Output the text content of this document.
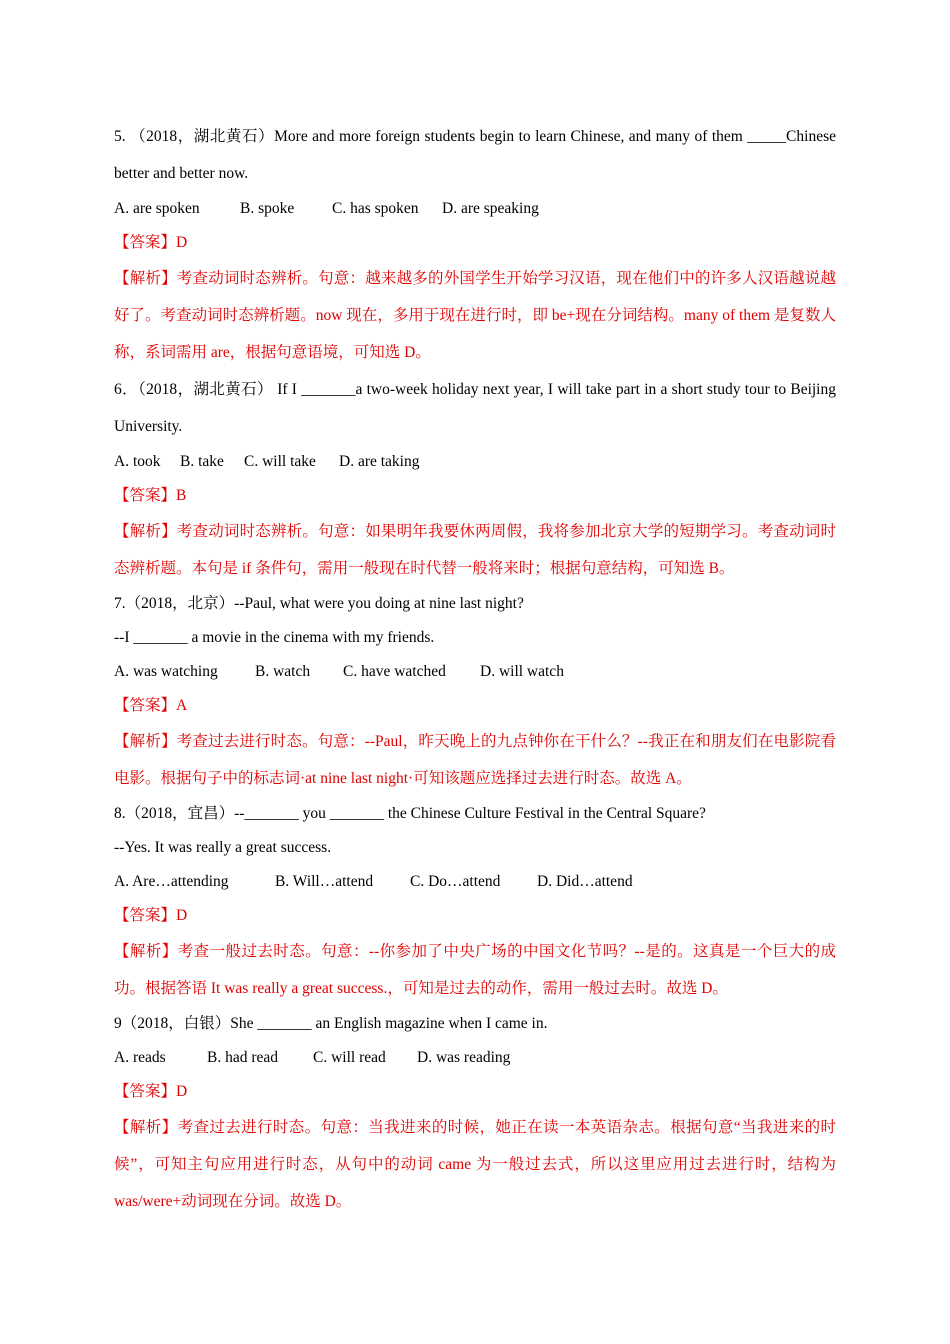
5. （2018，湖北黄石）More and more foreign students begin to learn Chinese, and many of them _____Chinese better and better now.

A. are spoken	B. spoke C. has spoken D. are speaking

【答案】D

【解析】考查动词时态辨析。句意：越来越多的外国学生开始学习汉语，现在他们中的许多人汉语越说越好了。考查动词时态辨析题。now 现在，多用于现在进行时，即 be+现在分词结构。many of them 是复数人称，系词需用 are，根据句意语境，可知选 D。

6．（2018，湖北黄石） If I _______a two-week holiday next year, I will take part in a short study tour to Beijing University.

A. took B. take C. will take D. are taking

【答案】B

【解析】考查动词时态辨析。句意：如果明年我要休两周假，我将参加北京大学的短期学习。考查动词时态辨析题。本句是 if 条件句，需用一般现在时代替一般将来时；根据句意结构，可知选 B。

7.（2018，北京）--Paul, what were you doing at nine last night?

--I _______ a movie in the cinema with my friends.

A. was watching B. watch C. have watched D. will watch

【答案】A

【解析】考查过去进行时态。句意：--Paul，昨天晚上的九点钟你在干什么？--我正在和朋友们在电影院看电影。根据句子中的标志词·at nine last night·可知该题应选择过去进行时态。故选 A。

8.（2018，宜昌）--_______ you _______ the Chinese Culture Festival in the Central Square?

--Yes. It was really a great success.

A. Are…attending	B. Will…attend C. Do…attend D. Did…attend

【答案】D

【解析】考查一般过去时态。句意：--你参加了中央广场的中国文化节吗？--是的。这真是一个巨大的成功。根据答语 It was really a great success.，可知是过去的动作，需用一般过去时。故选 D。

9（2018，白银）She _______ an English magazine when I came in.

A. reads	B. had read C. will read D. was reading

【答案】D

【解析】考查过去进行时态。句意：当我进来的时候，她正在读一本英语杂志。根据句意“当我进来的时候”，可知主句应用进行时态，从句中的动词 came 为一般过去式，所以这里应用过去进行时，结构为 was/were+动词现在分词。故选 D。
